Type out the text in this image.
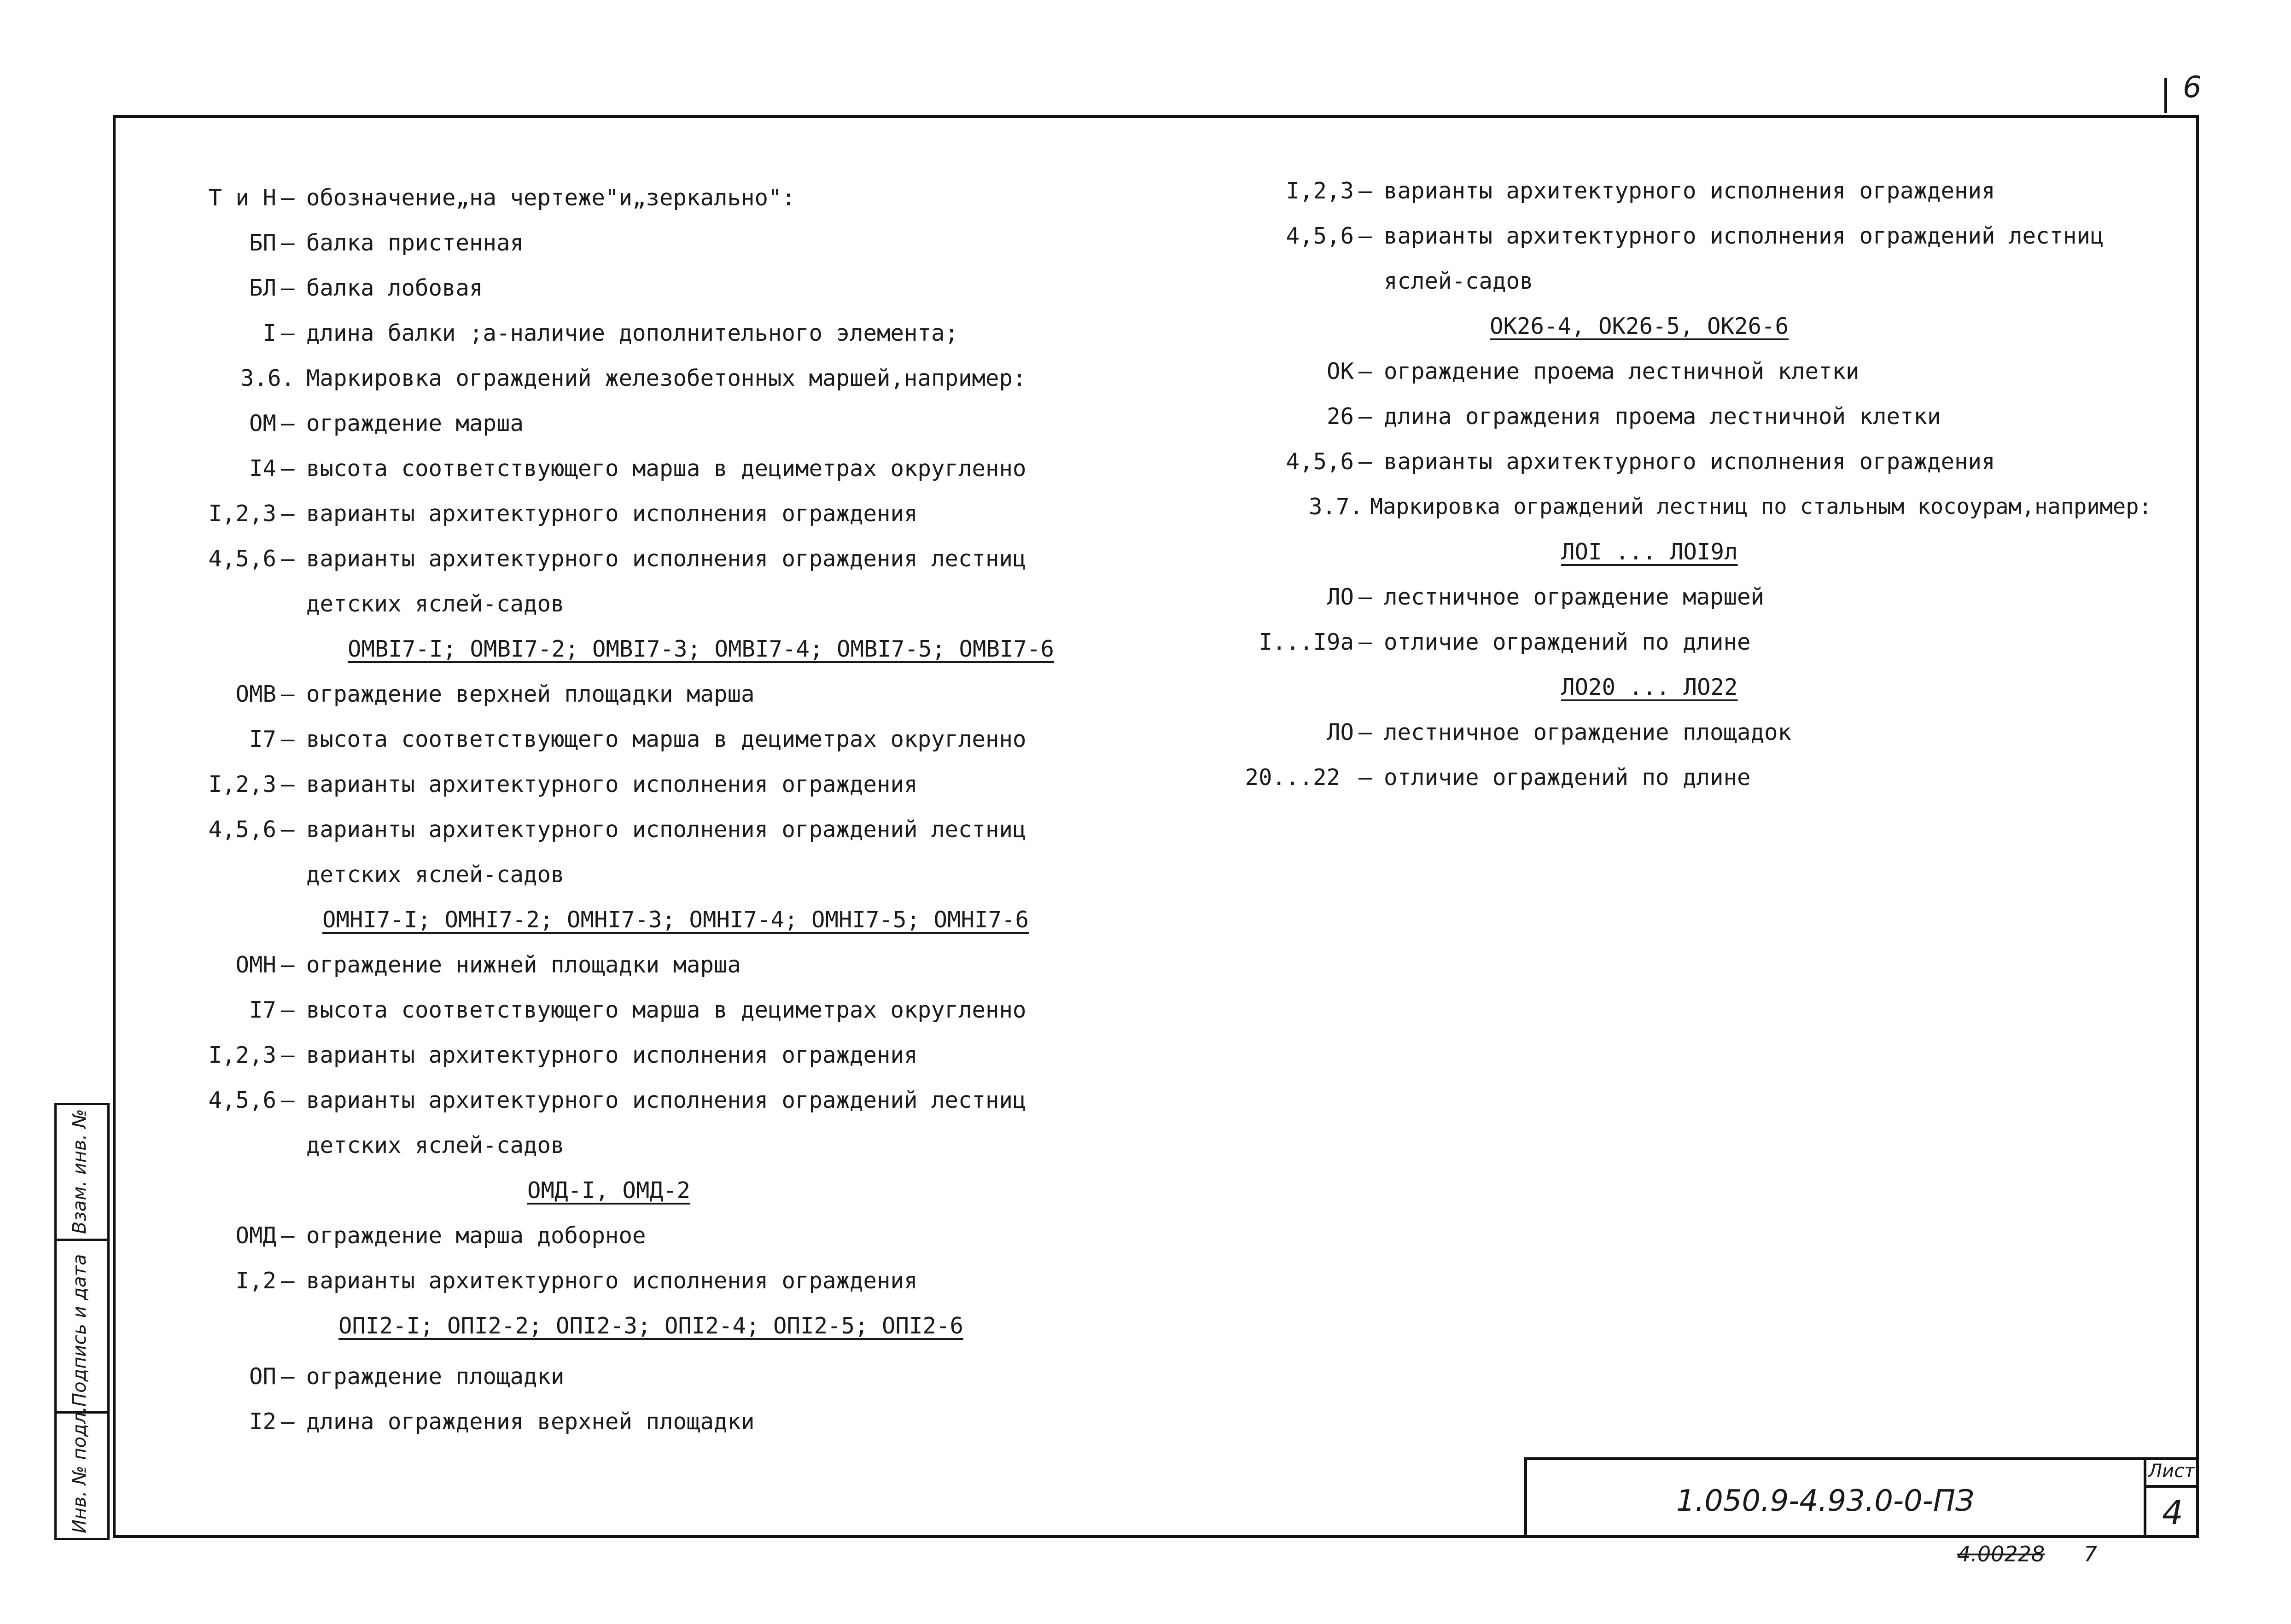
6
Взам. инв. №
Подпись и дата
Инв. № подл.
Т и Н – обозначение„на чертеже"и„зеркально":
БП – балка пристенная
БЛ – балка лобовая
I – длина балки ;а-наличие дополнительного элемента;
3.6. Маркировка ограждений железобетонных маршей,например:
ОМ – ограждение марша
I4 – высота соответствующего марша в дециметрах округленно
I,2,3 – варианты архитектурного исполнения ограждения
4,5,6 – варианты архитектурного исполнения ограждения лестниц
детских яслей-садов
ОМВI7-I; ОМВI7-2; ОМВI7-3; ОМВI7-4; ОМВI7-5; ОМВI7-6
ОМВ – ограждение верхней площадки марша
I7 – высота соответствующего марша в дециметрах округленно
I,2,3 – варианты архитектурного исполнения ограждения
4,5,6 – варианты архитектурного исполнения ограждений лестниц
детских яслей-садов
ОМНI7-I; ОМНI7-2; ОМНI7-3; ОМНI7-4; ОМНI7-5; ОМНI7-6
ОМН – ограждение нижней площадки марша
I7 – высота соответствующего марша в дециметрах округленно
I,2,3 – варианты архитектурного исполнения ограждения
4,5,6 – варианты архитектурного исполнения ограждений лестниц
детских яслей-садов
ОМД-I, ОМД-2
ОМД – ограждение марша доборное
I,2 – варианты архитектурного исполнения ограждения
ОПI2-I; ОПI2-2; ОПI2-3; ОПI2-4; ОПI2-5; ОПI2-6
ОП – ограждение площадки
I2 – длина ограждения верхней площадки
I,2,3 – варианты архитектурного исполнения ограждения
4,5,6 – варианты архитектурного исполнения ограждений лестниц
яслей-садов
ОК26-4, ОК26-5, ОК26-6
ОК – ограждение проема лестничной клетки
26 – длина ограждения проема лестничной клетки
4,5,6 – варианты архитектурного исполнения ограждения
3.7. Маркировка ограждений лестниц по стальным косоурам,например:
ЛОI ... ЛОI9л
ЛО – лестничное ограждение маршей
I...I9а – отличие ограждений по длине
ЛО20 ... ЛО22
ЛО – лестничное ограждение площадок
20...22 – отличие ограждений по длине
1.050.9-4.93.0-0-ПЗ
Лист
4
4.00228 7
